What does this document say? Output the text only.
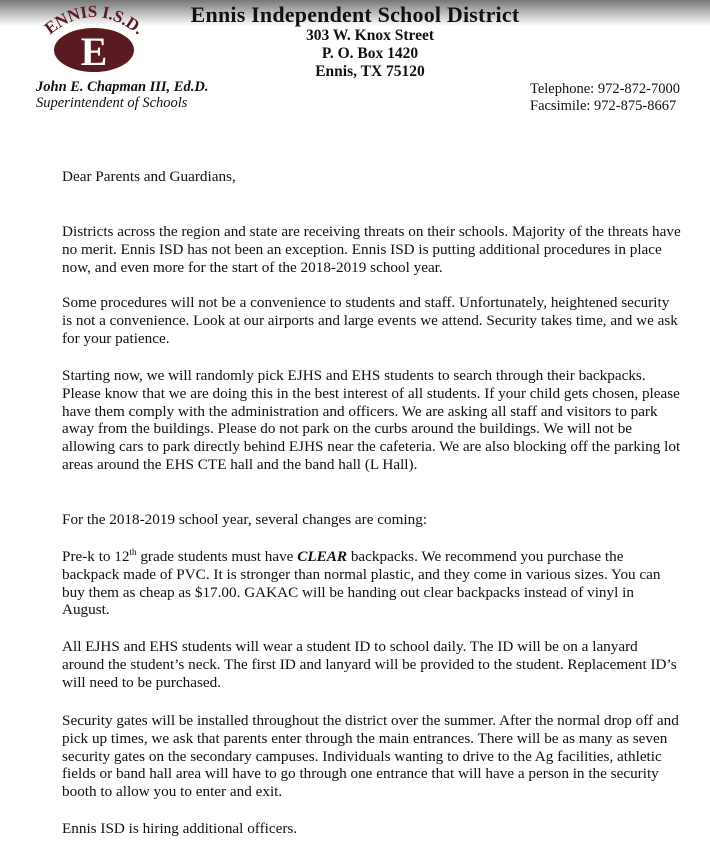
ENNIS I.S.D.
E
Ennis Independent School District
303 W. Knox Street
P. O. Box 1420
Ennis, TX 75120
John E. Chapman III, Ed.D.
Superintendent of Schools
Telephone: 972-872-7000
Facsimile: 972-875-8667

Dear Parents and Guardians,

Districts across the region and state are receiving threats on their schools. Majority of the threats have no merit. Ennis ISD has not been an exception. Ennis ISD is putting additional procedures in place now, and even more for the start of the 2018-2019 school year.

Some procedures will not be a convenience to students and staff. Unfortunately, heightened security is not a convenience. Look at our airports and large events we attend. Security takes time, and we ask for your patience.

Starting now, we will randomly pick EJHS and EHS students to search through their backpacks. Please know that we are doing this in the best interest of all students. If your child gets chosen, please have them comply with the administration and officers. We are asking all staff and visitors to park away from the buildings. Please do not park on the curbs around the buildings. We will not be allowing cars to park directly behind EJHS near the cafeteria. We are also blocking off the parking lot areas around the EHS CTE hall and the band hall (L Hall).

For the 2018-2019 school year, several changes are coming:

Pre-k to 12th grade students must have CLEAR backpacks. We recommend you purchase the backpack made of PVC. It is stronger than normal plastic, and they come in various sizes. You can buy them as cheap as $17.00. GAKAC will be handing out clear backpacks instead of vinyl in August.

All EJHS and EHS students will wear a student ID to school daily. The ID will be on a lanyard around the student’s neck. The first ID and lanyard will be provided to the student. Replacement ID’s will need to be purchased.

Security gates will be installed throughout the district over the summer. After the normal drop off and pick up times, we ask that parents enter through the main entrances. There will be as many as seven security gates on the secondary campuses. Individuals wanting to drive to the Ag facilities, athletic fields or band hall area will have to go through one entrance that will have a person in the security booth to allow you to enter and exit.

Ennis ISD is hiring additional officers.
